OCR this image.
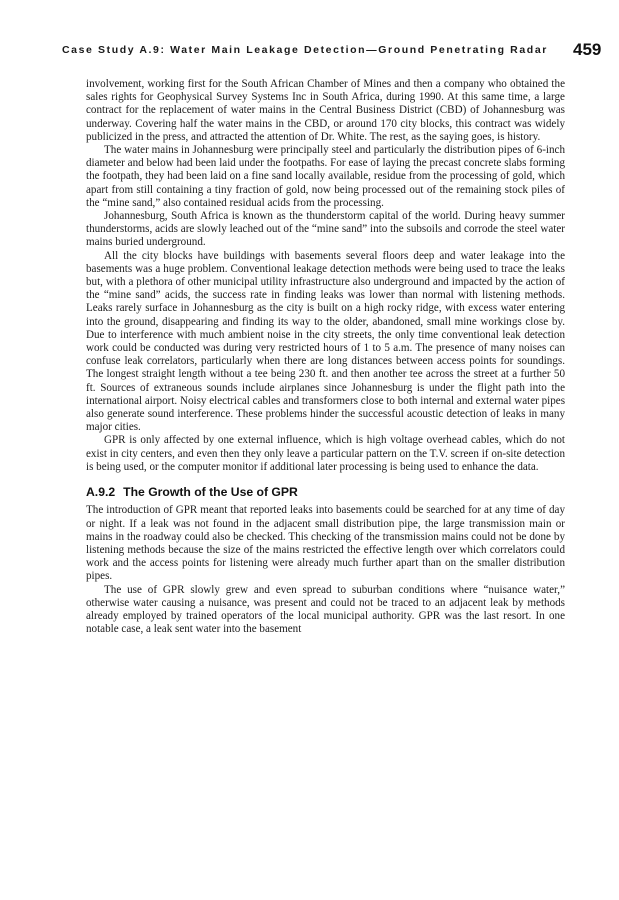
Case Study A.9: Water Main Leakage Detection—Ground Penetrating Radar 459

involvement, working first for the South African Chamber of Mines and then a company who obtained the sales rights for Geophysical Survey Systems Inc in South Africa, during 1990. At this same time, a large contract for the replacement of water mains in the Central Business District (CBD) of Johannesburg was underway. Covering half the water mains in the CBD, or around 170 city blocks, this contract was widely publicized in the press, and attracted the attention of Dr. White. The rest, as the saying goes, is history.

The water mains in Johannesburg were principally steel and particularly the distribution pipes of 6-inch diameter and below had been laid under the footpaths. For ease of laying the precast concrete slabs forming the footpath, they had been laid on a fine sand locally available, residue from the processing of gold, which apart from still containing a tiny fraction of gold, now being processed out of the remaining stock piles of the “mine sand,” also contained residual acids from the processing.

Johannesburg, South Africa is known as the thunderstorm capital of the world. During heavy summer thunderstorms, acids are slowly leached out of the “mine sand” into the subsoils and corrode the steel water mains buried underground.

All the city blocks have buildings with basements several floors deep and water leakage into the basements was a huge problem. Conventional leakage detection methods were being used to trace the leaks but, with a plethora of other municipal utility infrastructure also underground and impacted by the action of the “mine sand” acids, the success rate in finding leaks was lower than normal with listening methods. Leaks rarely surface in Johannesburg as the city is built on a high rocky ridge, with excess water entering into the ground, disappearing and finding its way to the older, abandoned, small mine workings close by. Due to interference with much ambient noise in the city streets, the only time conventional leak detection work could be conducted was during very restricted hours of 1 to 5 a.m. The presence of many noises can confuse leak correlators, particularly when there are long distances between access points for soundings. The longest straight length without a tee being 230 ft. and then another tee across the street at a further 50 ft. Sources of extraneous sounds include airplanes since Johannesburg is under the flight path into the international airport. Noisy electrical cables and transformers close to both internal and external water pipes also generate sound interference. These problems hinder the successful acoustic detection of leaks in many major cities.

GPR is only affected by one external influence, which is high voltage overhead cables, which do not exist in city centers, and even then they only leave a particular pattern on the T.V. screen if on-site detection is being used, or the computer monitor if additional later processing is being used to enhance the data.

A.9.2 The Growth of the Use of GPR

The introduction of GPR meant that reported leaks into basements could be searched for at any time of day or night. If a leak was not found in the adjacent small distribution pipe, the large transmission main or mains in the roadway could also be checked. This checking of the transmission mains could not be done by listening methods because the size of the mains restricted the effective length over which correlators could work and the access points for listening were already much further apart than on the smaller distribution pipes.

The use of GPR slowly grew and even spread to suburban conditions where “nuisance water,” otherwise water causing a nuisance, was present and could not be traced to an adjacent leak by methods already employed by trained operators of the local municipal authority. GPR was the last resort. In one notable case, a leak sent water into the basement
